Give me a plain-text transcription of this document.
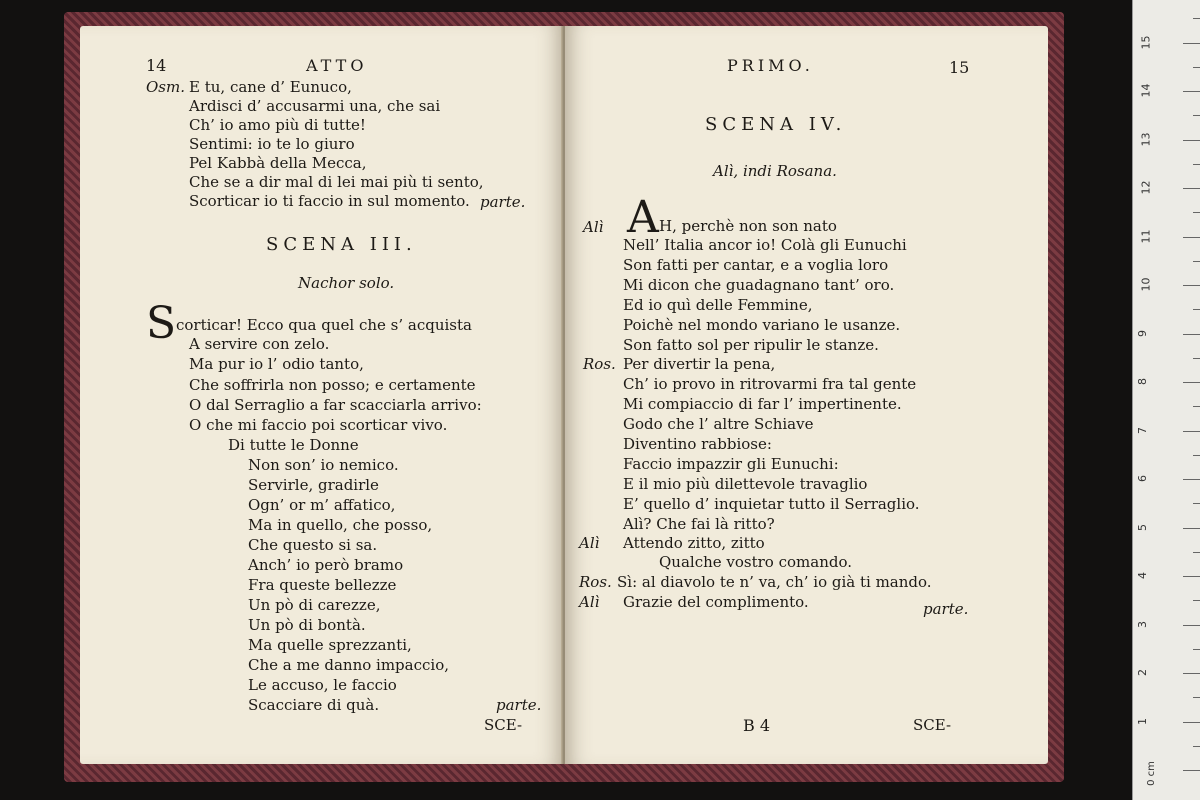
14	ATTO
Osm. E tu, cane d’ Eunuco,
Ardisci d’ accusarmi una, che sai
Ch’ io amo più di tutte!
Sentimi: io te lo giuro
Pel Kabbà della Mecca,
Che se a dir mal di lei mai più ti sento,
Scorticar io ti faccio in sul momento. parte.
SCENA III.
Nachor solo.
S corticar! Ecco qua quel che s’ acquista
A servire con zelo.
Ma pur io l’ odio tanto,
Che soffrirla non posso; e certamente
O dal Serraglio a far scacciarla arrivo:
O che mi faccio poi scorticar vivo.
Di tutte le Donne
Non son’ io nemico.
Servirle, gradirle
Ogn’ or m’ affatico,
Ma in quello, che posso,
Che questo si sa.
Anch’ io però bramo
Fra queste bellezze
Un pò di carezze,
Un pò di bontà.
Ma quelle sprezzanti,
Che a me danno impaccio,
Le accuso, le faccio
Scacciare di quà.	parte.
SCE-
PRIMO.	15
SCENA IV.
Alì, indi Rosana.
Alì A H, perchè non son nato
Nell’ Italia ancor io! Colà gli Eunuchi
Son fatti per cantar, e a voglia loro
Mi dicon che guadagnano tant’ oro.
Ed io quì delle Femmine,
Poichè nel mondo variano le usanze.
Son fatto sol per ripulir le stanze.
Ros. Per divertir la pena,
Ch’ io provo in ritrovarmi fra tal gente
Mi compiaccio di far l’ impertinente.
Godo che l’ altre Schiave
Diventino rabbiose:
Faccio impazzir gli Eunuchi:
E il mio più dilettevole travaglio
E’ quello d’ inquietar tutto il Serraglio.
Alì? Che fai là ritto?
Alì Attendo zitto, zitto
Qualche vostro comando.
Ros. Sì: al diavolo te n’ va, ch’ io già ti mando.
Alì Grazie del complimento.	parte.
B 4	SCE-
0 cm
1
2
3
4
5
6
7
8
9
10
11
12
13
14
15
